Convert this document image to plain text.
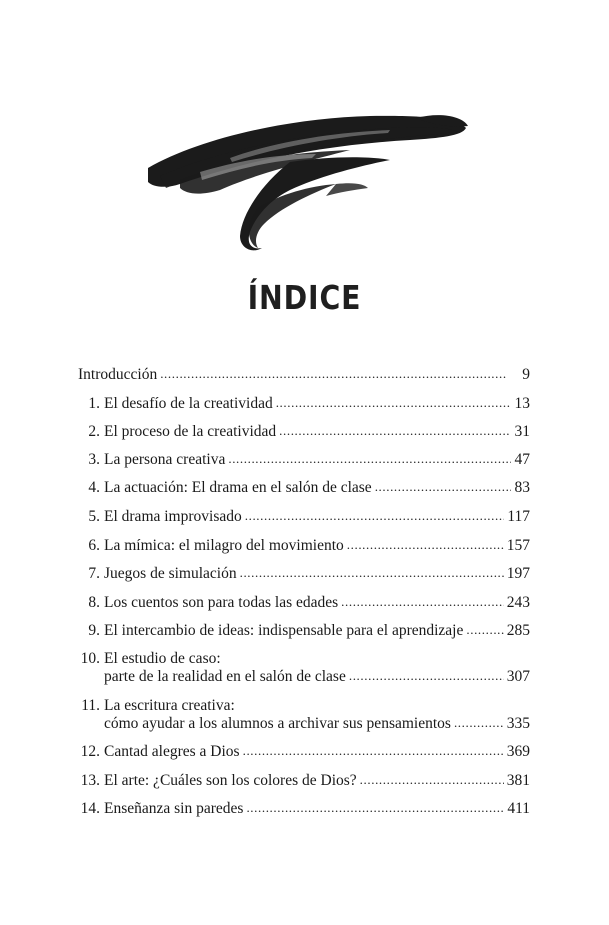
ÍNDICE
Introducción .....	9
1. El desafío de la creatividad .....	13
2. El proceso de la creatividad .....	31
3. La persona creativa .....	47
4. La actuación: El drama en el salón de clase .....	83
5. El drama improvisado .....	117
6. La mímica: el milagro del movimiento .....	157
7. Juegos de simulación .....	197
8. Los cuentos son para todas las edades .....	243
9. El intercambio de ideas: indispensable para el aprendizaje .....	285
10. El estudio de caso:
parte de la realidad en el salón de clase .....	307
11. La escritura creativa:
cómo ayudar a los alumnos a archivar sus pensamientos .....	335
12. Cantad alegres a Dios .....	369
13. El arte: ¿Cuáles son los colores de Dios? .....	381
14. Enseñanza sin paredes .....	411
